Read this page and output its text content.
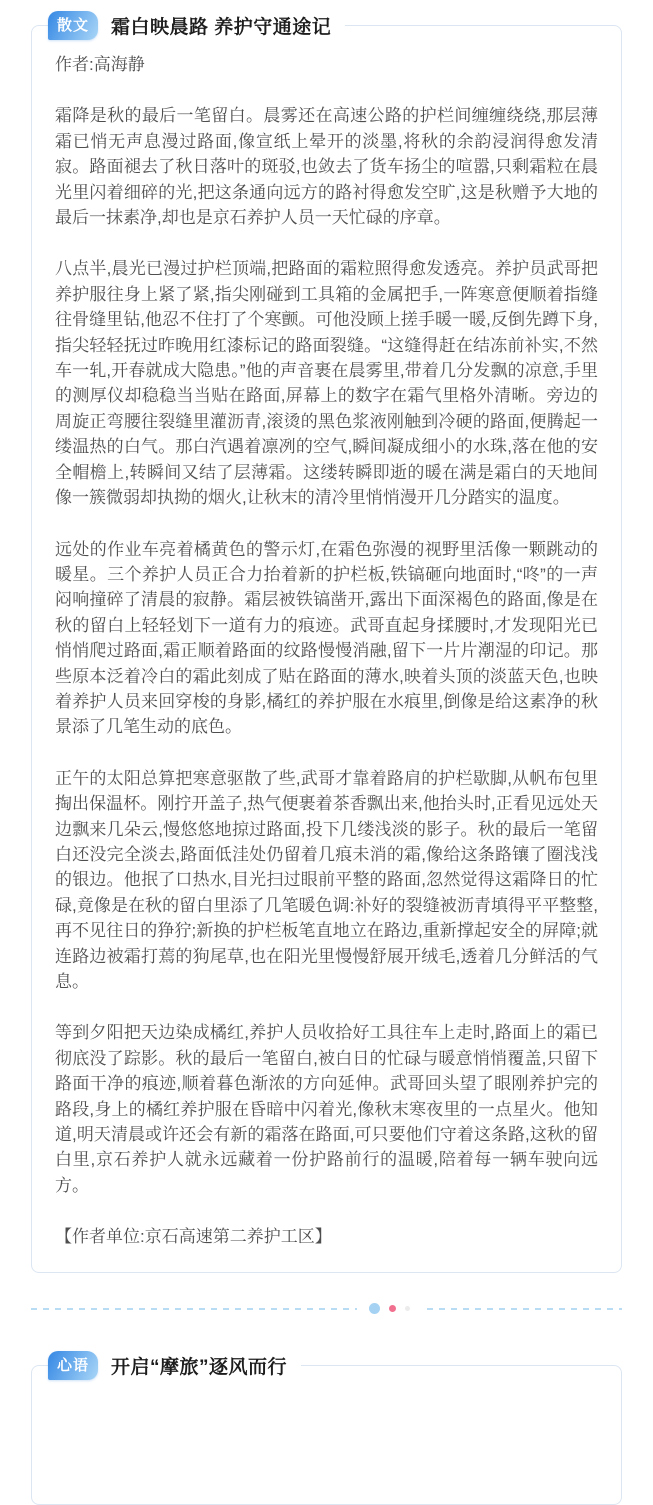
散文	霜白映晨路 养护守通途记
作者:高海静

霜降是秋的最后一笔留白。晨雾还在高速公路的护栏间缠缠绕绕,那层薄霜已悄无声息漫过路面,像宣纸上晕开的淡墨,将秋的余韵浸润得愈发清寂。路面褪去了秋日落叶的斑驳,也敛去了货车扬尘的喧嚣,只剩霜粒在晨光里闪着细碎的光,把这条通向远方的路衬得愈发空旷,这是秋赠予大地的最后一抹素净,却也是京石养护人员一天忙碌的序章。

八点半,晨光已漫过护栏顶端,把路面的霜粒照得愈发透亮。养护员武哥把养护服往身上紧了紧,指尖刚碰到工具箱的金属把手,一阵寒意便顺着指缝往骨缝里钻,他忍不住打了个寒颤。可他没顾上搓手暖一暖,反倒先蹲下身,指尖轻轻抚过昨晚用红漆标记的路面裂缝。“这缝得赶在结冻前补实,不然车一轧,开春就成大隐患。”他的声音裹在晨雾里,带着几分发飘的凉意,手里的测厚仪却稳稳当当贴在路面,屏幕上的数字在霜气里格外清晰。旁边的周旋正弯腰往裂缝里灌沥青,滚烫的黑色浆液刚触到冷硬的路面,便腾起一缕温热的白气。那白汽遇着凛冽的空气,瞬间凝成细小的水珠,落在他的安全帽檐上,转瞬间又结了层薄霜。这缕转瞬即逝的暖在满是霜白的天地间像一簇微弱却执拗的烟火,让秋末的清冷里悄悄漫开几分踏实的温度。

远处的作业车亮着橘黄色的警示灯,在霜色弥漫的视野里活像一颗跳动的暖星。三个养护人员正合力抬着新的护栏板,铁镐砸向地面时,“咚”的一声闷响撞碎了清晨的寂静。霜层被铁镐凿开,露出下面深褐色的路面,像是在秋的留白上轻轻划下一道有力的痕迹。武哥直起身揉腰时,才发现阳光已悄悄爬过路面,霜正顺着路面的纹路慢慢消融,留下一片片潮湿的印记。那些原本泛着冷白的霜此刻成了贴在路面的薄水,映着头顶的淡蓝天色,也映着养护人员来回穿梭的身影,橘红的养护服在水痕里,倒像是给这素净的秋景添了几笔生动的底色。

正午的太阳总算把寒意驱散了些,武哥才靠着路肩的护栏歇脚,从帆布包里掏出保温杯。刚拧开盖子,热气便裹着茶香飘出来,他抬头时,正看见远处天边飘来几朵云,慢悠悠地掠过路面,投下几缕浅淡的影子。秋的最后一笔留白还没完全淡去,路面低洼处仍留着几痕未消的霜,像给这条路镶了圈浅浅的银边。他抿了口热水,目光扫过眼前平整的路面,忽然觉得这霜降日的忙碌,竟像是在秋的留白里添了几笔暖色调:补好的裂缝被沥青填得平平整整,再不见往日的狰狞;新换的护栏板笔直地立在路边,重新撑起安全的屏障;就连路边被霜打蔫的狗尾草,也在阳光里慢慢舒展开绒毛,透着几分鲜活的气息。

等到夕阳把天边染成橘红,养护人员收拾好工具往车上走时,路面上的霜已彻底没了踪影。秋的最后一笔留白,被白日的忙碌与暖意悄悄覆盖,只留下路面干净的痕迹,顺着暮色渐浓的方向延伸。武哥回头望了眼刚养护完的路段,身上的橘红养护服在昏暗中闪着光,像秋末寒夜里的一点星火。他知道,明天清晨或许还会有新的霜落在路面,可只要他们守着这条路,这秋的留白里,京石养护人就永远藏着一份护路前行的温暖,陪着每一辆车驶向远方。

【作者单位:京石高速第二养护工区】
心语	开启“摩旅”逐风而行
